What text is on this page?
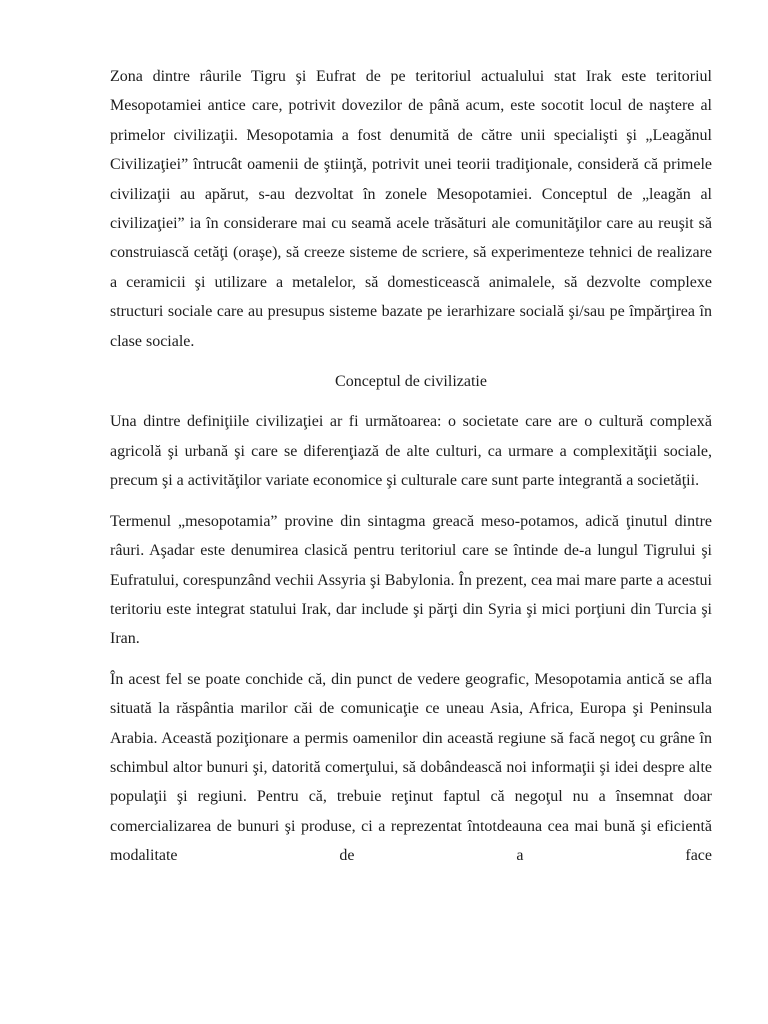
Zona dintre râurile Tigru şi Eufrat de pe teritoriul actualului stat Irak este teritoriul Mesopotamiei antice care, potrivit dovezilor de până acum, este socotit locul de naştere al primelor civilizaţii. Mesopotamia a fost denumită de către unii specialişti şi „Leagănul Civilizaţiei” întrucât oamenii de ştiinţă, potrivit unei teorii tradiţionale, consideră că primele civilizaţii au apărut, s-au dezvoltat în zonele Mesopotamiei. Conceptul de „leagăn al civilizaţiei” ia în considerare mai cu seamă acele trăsături ale comunităţilor care au reuşit să construiască cetăţi (oraşe), să creeze sisteme de scriere, să experimenteze tehnici de realizare a ceramicii şi utilizare a metalelor, să domesticească animalele, să dezvolte complexe structuri sociale care au presupus sisteme bazate pe ierarhizare socială şi/sau pe împărţirea în clase sociale.

Conceptul de civilizatie

Una dintre definiţiile civilizaţiei ar fi următoarea: o societate care are o cultură complexă agricolă şi urbană şi care se diferenţiază de alte culturi, ca urmare a complexităţii sociale, precum şi a activităţilor variate economice şi culturale care sunt parte integrantă a societăţii.

Termenul „mesopotamia” provine din sintagma greacă meso-potamos, adică ţinutul dintre râuri. Aşadar este denumirea clasică pentru teritoriul care se întinde de-a lungul Tigrului şi Eufratului, corespunzând vechii Assyria şi Babylonia. În prezent, cea mai mare parte a acestui teritoriu este integrat statului Irak, dar include şi părţi din Syria şi mici porţiuni din Turcia şi Iran.

În acest fel se poate conchide că, din punct de vedere geografic, Mesopotamia antică se afla situată la răspântia marilor căi de comunicaţie ce uneau Asia, Africa, Europa şi Peninsula Arabia. Această poziţionare a permis oamenilor din această regiune să facă negoţ cu grâne în schimbul altor bunuri şi, datorită comerţului, să dobândească noi informaţii şi idei despre alte populaţii şi regiuni. Pentru că, trebuie reţinut faptul că negoţul nu a însemnat doar comercializarea de bunuri şi produse, ci a reprezentat întotdeauna cea mai bună şi eficientă modalitate de a face
